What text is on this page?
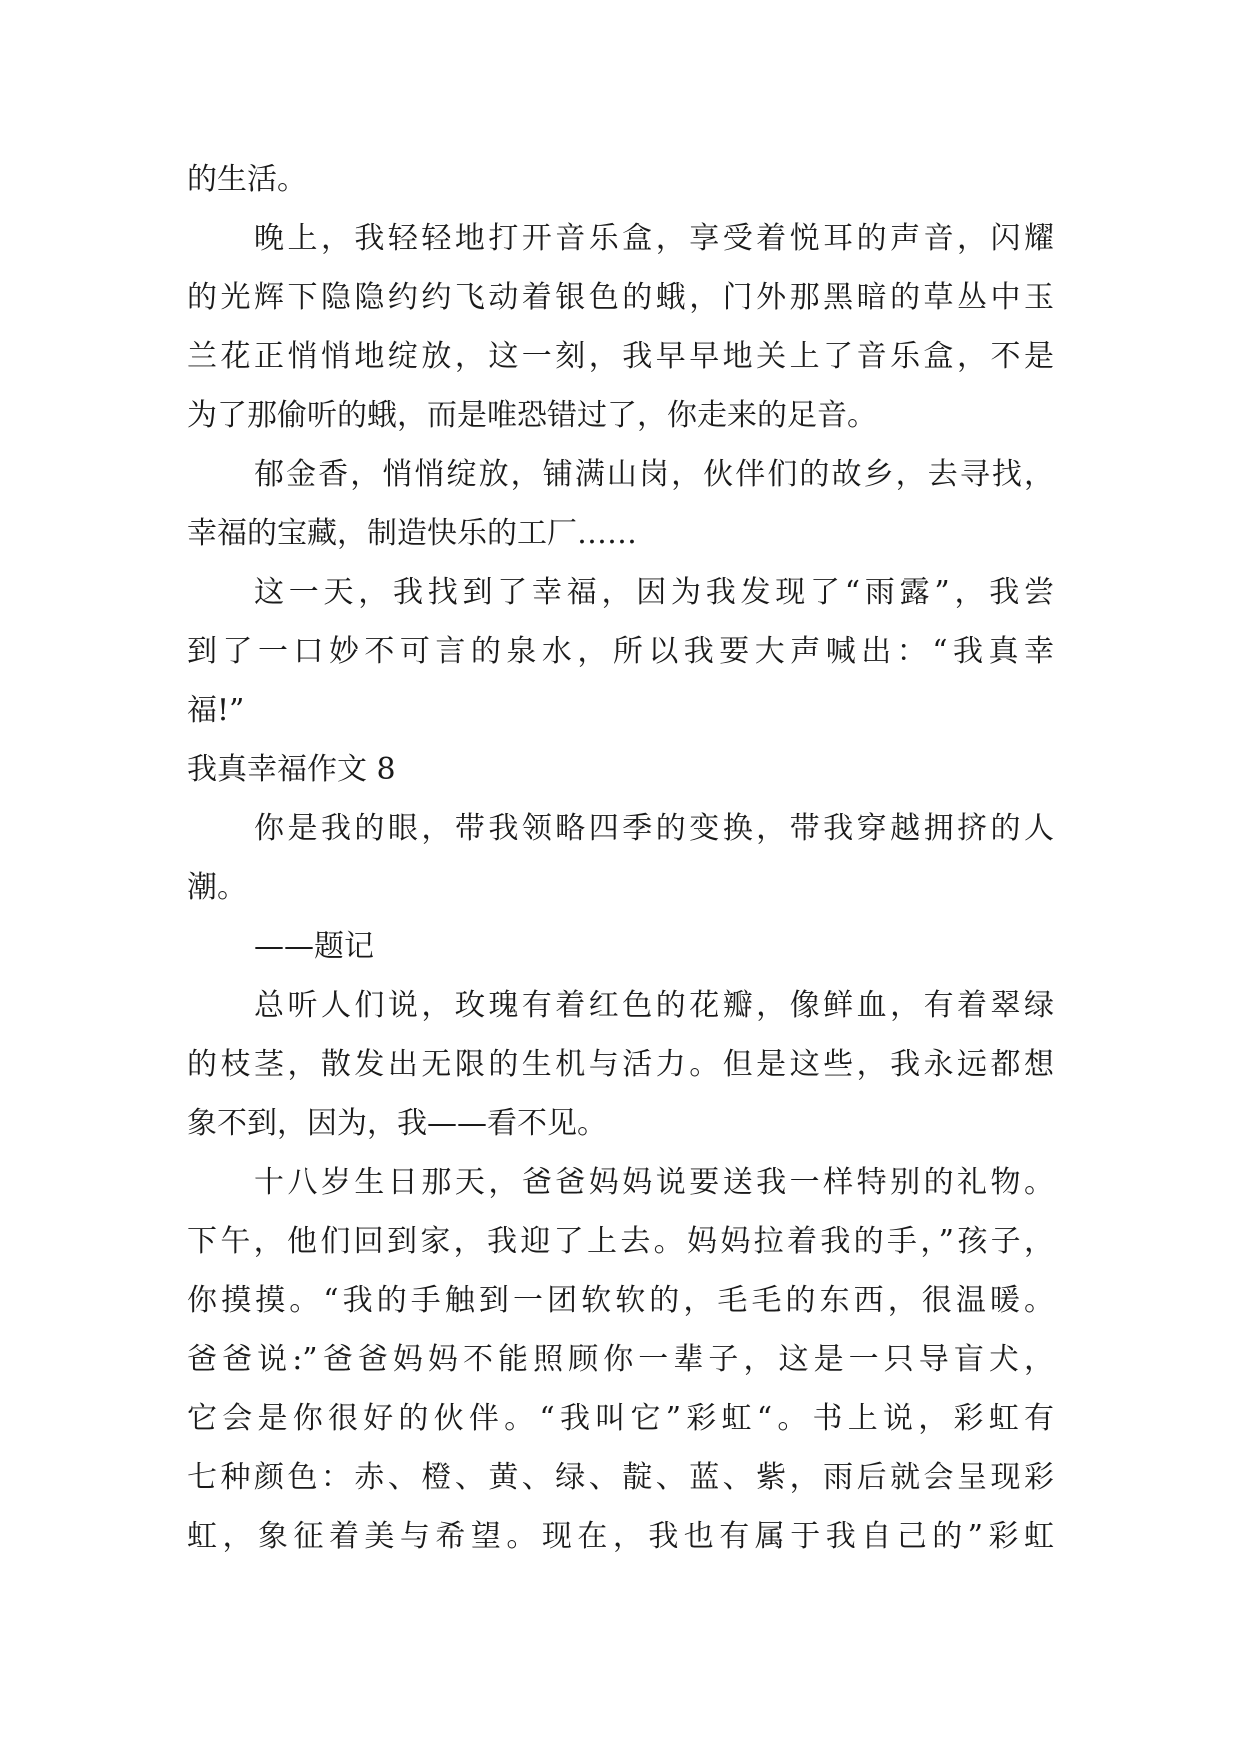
的生活。
晚上，我轻轻地打开音乐盒，享受着悦耳的声音，闪耀
的光辉下隐隐约约飞动着银色的蛾，门外那黑暗的草丛中玉
兰花正悄悄地绽放，这一刻，我早早地关上了音乐盒，不是
为了那偷听的蛾，而是唯恐错过了，你走来的足音。
郁金香，悄悄绽放，铺满山岗，伙伴们的故乡，去寻找，
幸福的宝藏，制造快乐的工厂……
这一天，我找到了幸福，因为我发现了“雨露”，我尝
到了一口妙不可言的泉水，所以我要大声喊出：“我真幸
福!”
我真幸福作文 8
你是我的眼，带我领略四季的变换，带我穿越拥挤的人
潮。
——题记
总听人们说，玫瑰有着红色的花瓣，像鲜血，有着翠绿
的枝茎，散发出无限的生机与活力。但是这些，我永远都想
象不到，因为，我——看不见。
十八岁生日那天，爸爸妈妈说要送我一样特别的礼物。
下午，他们回到家，我迎了上去。妈妈拉着我的手，”孩子，
你摸摸。“我的手触到一团软软的，毛毛的东西，很温暖。
爸爸说:”爸爸妈妈不能照顾你一辈子，这是一只导盲犬，
它会是你很好的伙伴。“我叫它”彩虹“。书上说，彩虹有
七种颜色：赤、橙、黄、绿、靛、蓝、紫，雨后就会呈现彩
虹，象征着美与希望。现在，我也有属于我自己的”彩虹
